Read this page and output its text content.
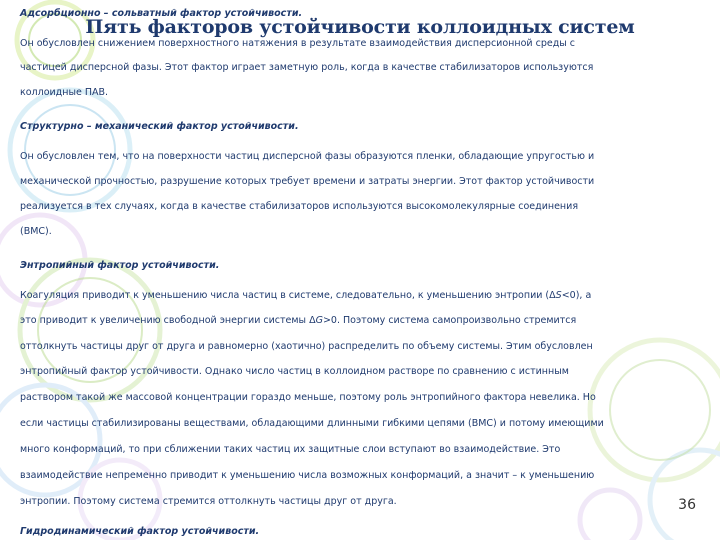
Адсорбционно – сольватный фактор устойчивости.
Он обусловлен снижением поверхностного натяжения в результате взаимодействия дисперсионной среды с
частицей дисперсной фазы. Этот фактор играет заметную роль, когда в качестве стабилизаторов используются
коллоидные ПАВ.
Структурно – механический фактор устойчивости.
Он обусловлен тем, что на поверхности частиц дисперсной фазы образуются пленки, обладающие упругостью и
механической прочностью, разрушение которых требует времени и затраты энергии. Этот фактор устойчивости
реализуется в тех случаях, когда в качестве стабилизаторов используются высокомолекулярные соединения
(ВМС).
Энтропийный фактор устойчивости.
Коагуляция приводит к уменьшению числа частиц в системе, следовательно, к уменьшению энтропии (ΔS<0), а
это приводит к увеличению свободной энергии системы ΔG>0. Поэтому система самопроизвольно стремится
оттолкнуть частицы друг от друга и равномерно (хаотично) распределить по объему системы. Этим обусловлен
энтропийный фактор устойчивости. Однако число частиц в коллоидном растворе по сравнению с истинным
раствором такой же массовой концентрации гораздо меньше, поэтому роль энтропийного фактора невелика. Но
если частицы стабилизированы веществами, обладающими длинными гибкими цепями (ВМС) и потому имеющими
много конформаций, то при сближении таких частиц их защитные слои вступают во взаимодействие. Это
взаимодействие непременно приводит к уменьшению числа возможных конформаций, а значит – к уменьшению
энтропии. Поэтому система стремится оттолкнуть частицы друг от друга.
Гидродинамический фактор устойчивости.
Пять факторов устойчивости коллоидных систем
36
